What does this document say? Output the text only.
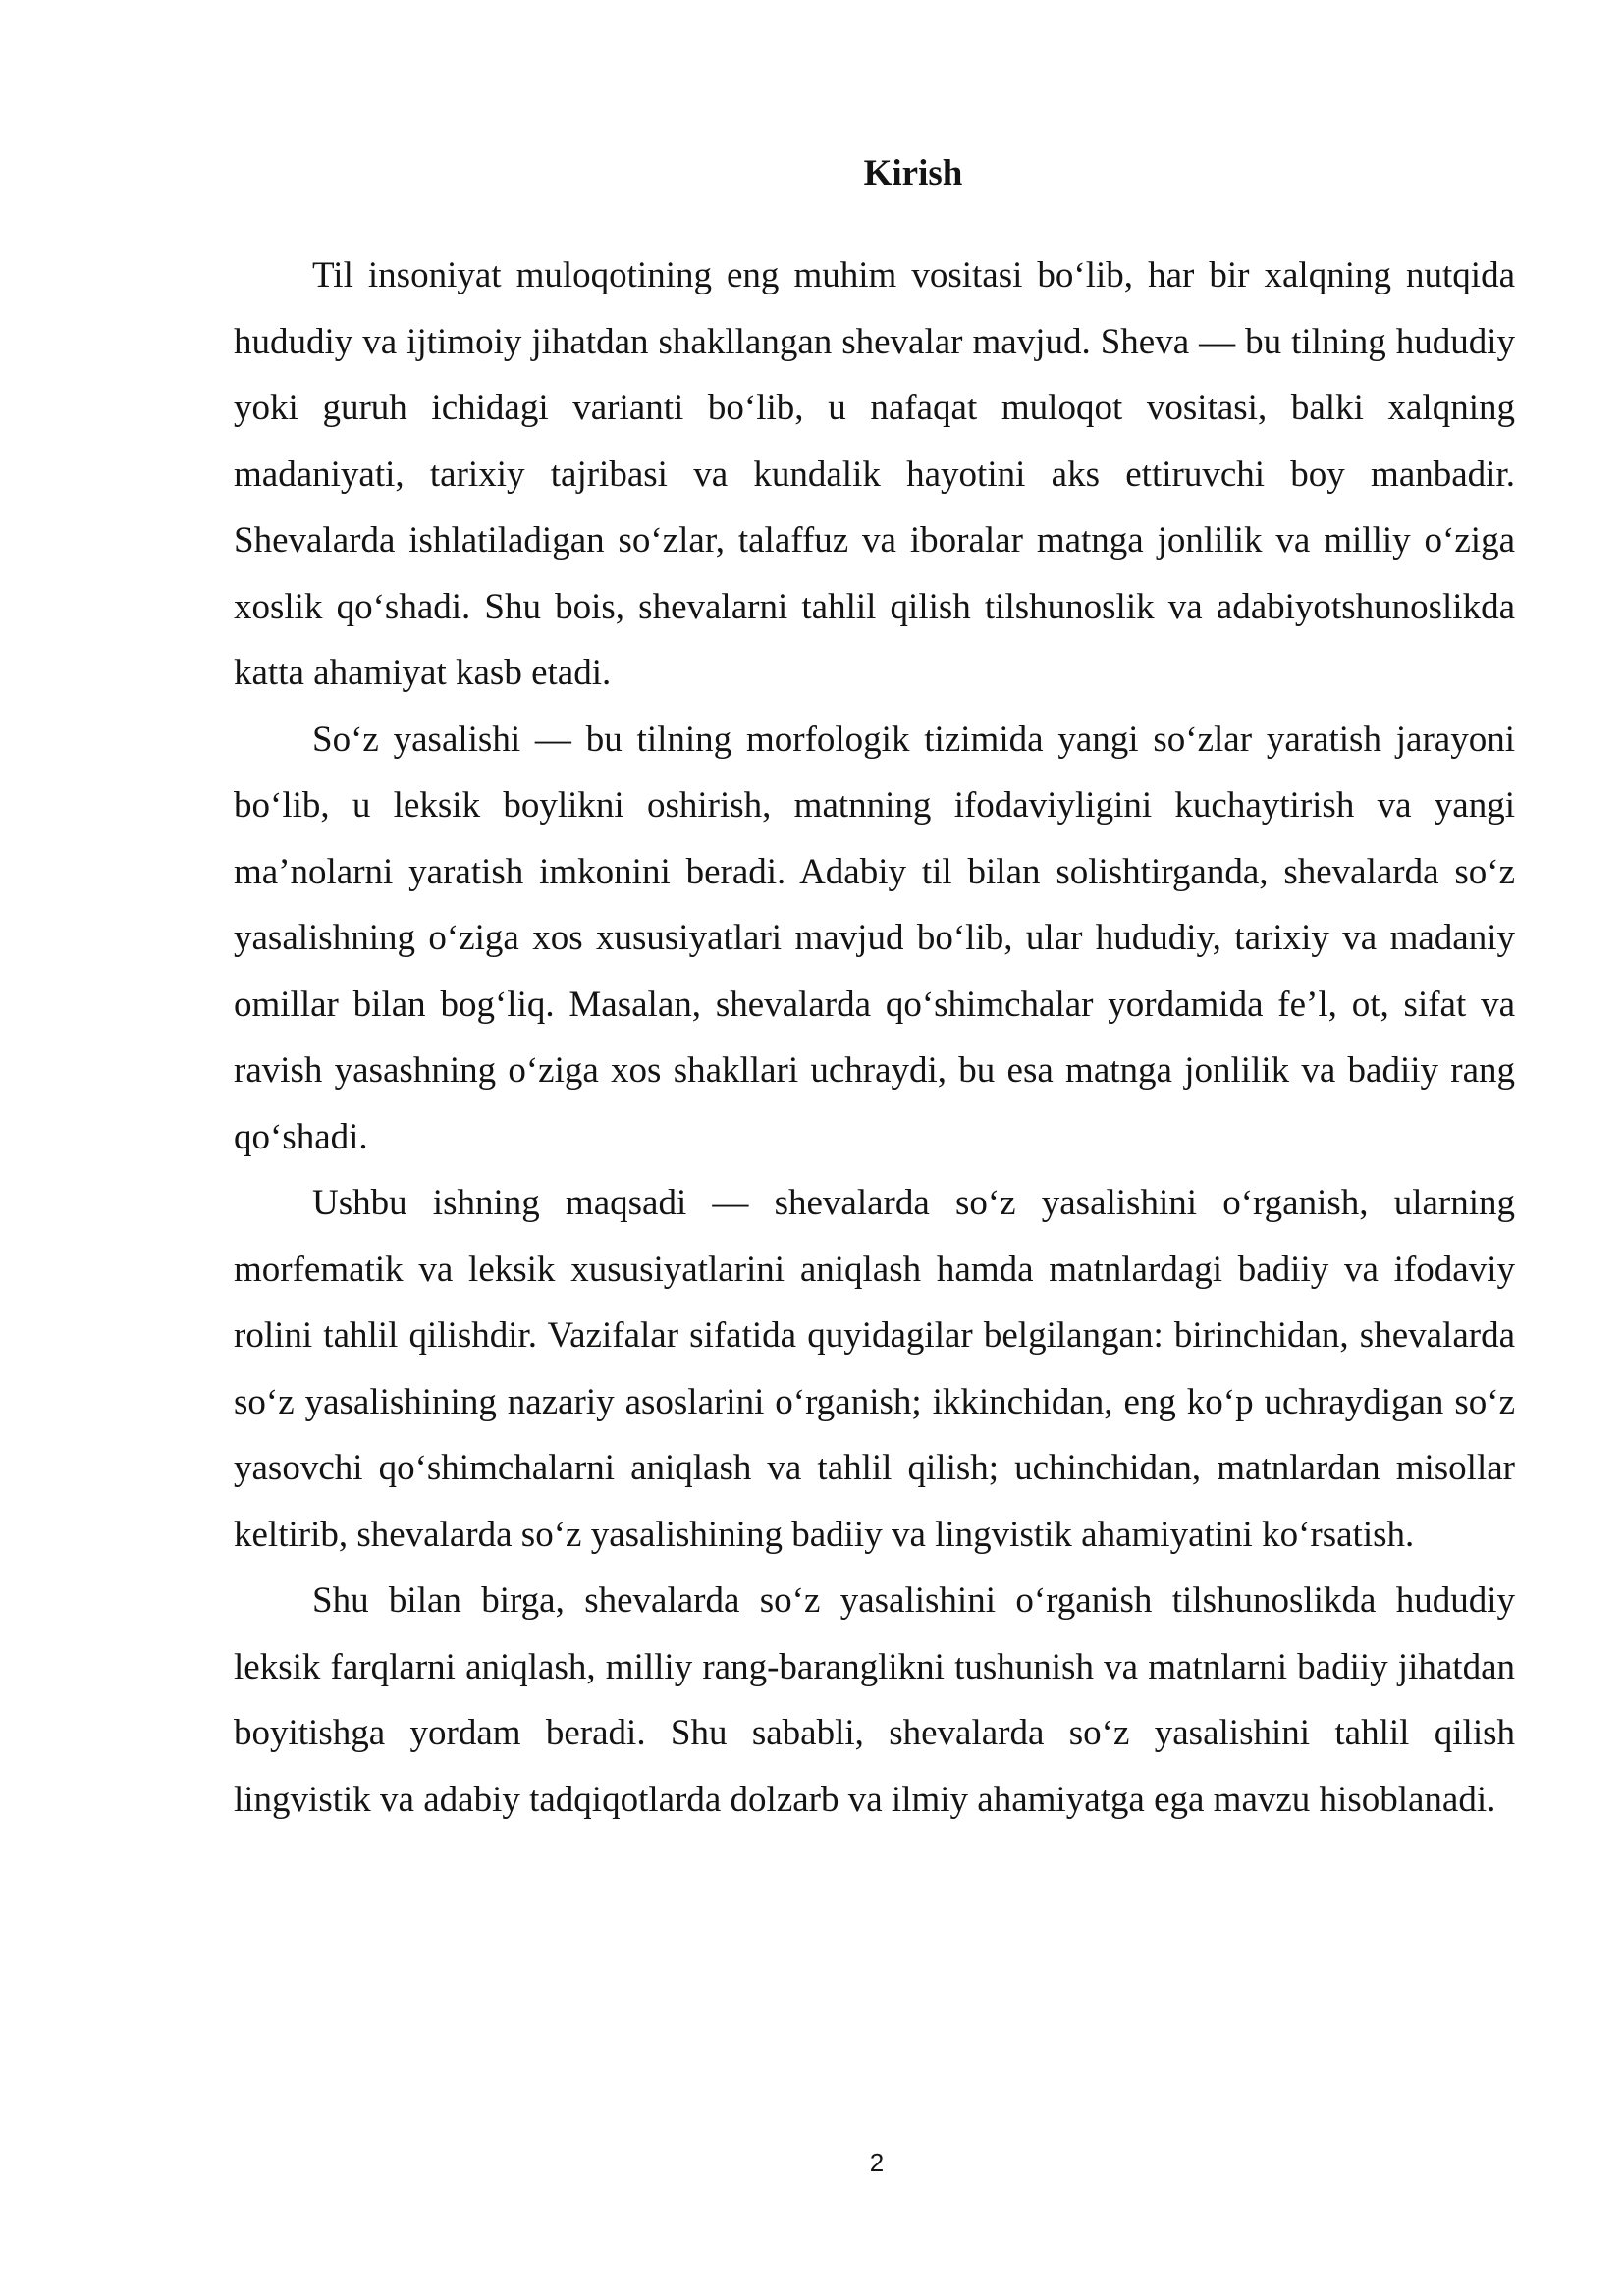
Kirish

Til insoniyat muloqotining eng muhim vositasi bo‘lib, har bir xalqning nutqida hududiy va ijtimoiy jihatdan shakllangan shevalar mavjud. Sheva — bu tilning hududiy yoki guruh ichidagi varianti bo‘lib, u nafaqat muloqot vositasi, balki xalqning madaniyati, tarixiy tajribasi va kundalik hayotini aks ettiruvchi boy manbadir. Shevalarda ishlatiladigan so‘zlar, talaffuz va iboralar matnga jonlilik va milliy o‘ziga xoslik qo‘shadi. Shu bois, shevalarni tahlil qilish tilshunoslik va adabiyotshunoslikda katta ahamiyat kasb etadi.

So‘z yasalishi — bu tilning morfologik tizimida yangi so‘zlar yaratish jarayoni bo‘lib, u leksik boylikni oshirish, matnning ifodaviyligini kuchaytirish va yangi ma’nolarni yaratish imkonini beradi. Adabiy til bilan solishtirganda, shevalarda so‘z yasalishning o‘ziga xos xususiyatlari mavjud bo‘lib, ular hududiy, tarixiy va madaniy omillar bilan bog‘liq. Masalan, shevalarda qo‘shimchalar yordamida fe’l, ot, sifat va ravish yasashning o‘ziga xos shakllari uchraydi, bu esa matnga jonlilik va badiiy rang qo‘shadi.

Ushbu ishning maqsadi — shevalarda so‘z yasalishini o‘rganish, ularning morfematik va leksik xususiyatlarini aniqlash hamda matnlardagi badiiy va ifodaviy rolini tahlil qilishdir. Vazifalar sifatida quyidagilar belgilangan: birinchidan, shevalarda so‘z yasalishining nazariy asoslarini o‘rganish; ikkinchidan, eng ko‘p uchraydigan so‘z yasovchi qo‘shimchalarni aniqlash va tahlil qilish; uchinchidan, matnlardan misollar keltirib, shevalarda so‘z yasalishining badiiy va lingvistik ahamiyatini ko‘rsatish.

Shu bilan birga, shevalarda so‘z yasalishini o‘rganish tilshunoslikda hududiy leksik farqlarni aniqlash, milliy rang-baranglikni tushunish va matnlarni badiiy jihatdan boyitishga yordam beradi. Shu sababli, shevalarda so‘z yasalishini tahlil qilish lingvistik va adabiy tadqiqotlarda dolzarb va ilmiy ahamiyatga ega mavzu hisoblanadi.

2
